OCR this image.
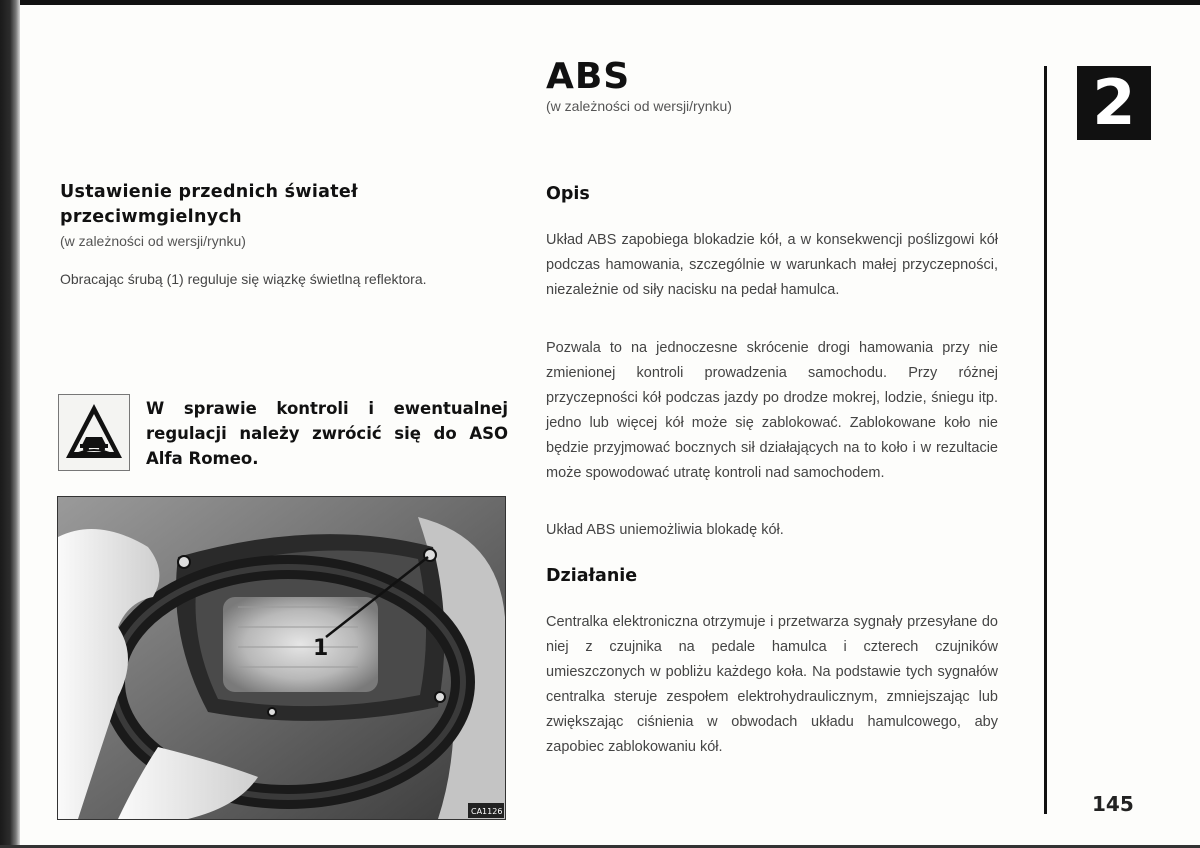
Ustawienie przednich świateł
przeciwmgielnych
(w zależności od wersji/rynku)
Obracając śrubą (1) reguluje się wiązkę świetlną reflektora.

W sprawie kontroli i ewentualnej regulacji należy zwrócić się do ASO Alfa Romeo.

1
CA1126
ABS
(w zależności od wersji/rynku)
Opis

Układ ABS zapobiega blokadzie kół, a w konsekwencji poślizgowi kół podczas hamowania, szczególnie w warunkach małej przyczepności, niezależnie od siły nacisku na pedał hamulca.

Pozwala to na jednoczesne skrócenie drogi hamowania przy nie zmienionej kontroli prowadzenia samochodu. Przy różnej przyczepności kół podczas jazdy po drodze mokrej, lodzie, śniegu itp. jedno lub więcej kół może się zablokować. Zablokowane koło nie będzie przyjmować bocznych sił działających na to koło i w rezultacie może spowodować utratę kontroli nad samochodem.

Układ ABS uniemożliwia blokadę kół.

Działanie

Centralka elektroniczna otrzymuje i przetwarza sygnały przesyłane do niej z czujnika na pedale hamulca i czterech czujników umieszczonych w pobliżu każdego koła. Na podstawie tych sygnałów centralka steruje zespołem elektrohydraulicznym, zmniejszając lub zwiększając ciśnienia w obwodach układu hamulcowego, aby zapobiec zablokowaniu kół.

2
145
